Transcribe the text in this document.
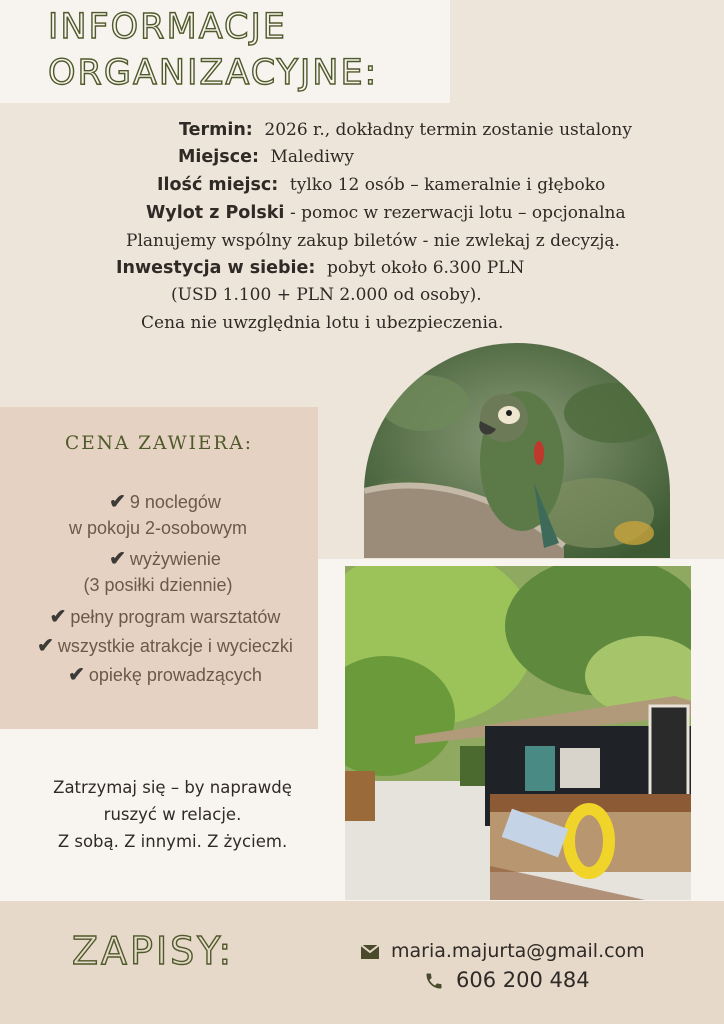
INFORMACJE
ORGANIZACYJNE:
Termin: 2026 r., dokładny termin zostanie ustalony
Miejsce: Malediwy
Ilość miejsc: tylko 12 osób – kameralnie i głęboko
Wylot z Polski - pomoc w rezerwacji lotu – opcjonalna
Planujemy wspólny zakup biletów - nie zwlekaj z decyzją.
Inwestycja w siebie: pobyt około 6.300 PLN
(USD 1.100 + PLN 2.000 od osoby).
Cena nie uwzględnia lotu i ubezpieczenia.
CENA ZAWIERA:
✔ 9 noclegów
w pokoju 2-osobowym
✔ wyżywienie
(3 posiłki dziennie)
✔ pełny program warsztatów
✔ wszystkie atrakcje i wycieczki
✔ opiekę prowadzących
Zatrzymaj się – by naprawdę
ruszyć w relacje.
Z sobą. Z innymi. Z życiem.
ZAPISY:	maria.majurta@gmail.com
606 200 484
